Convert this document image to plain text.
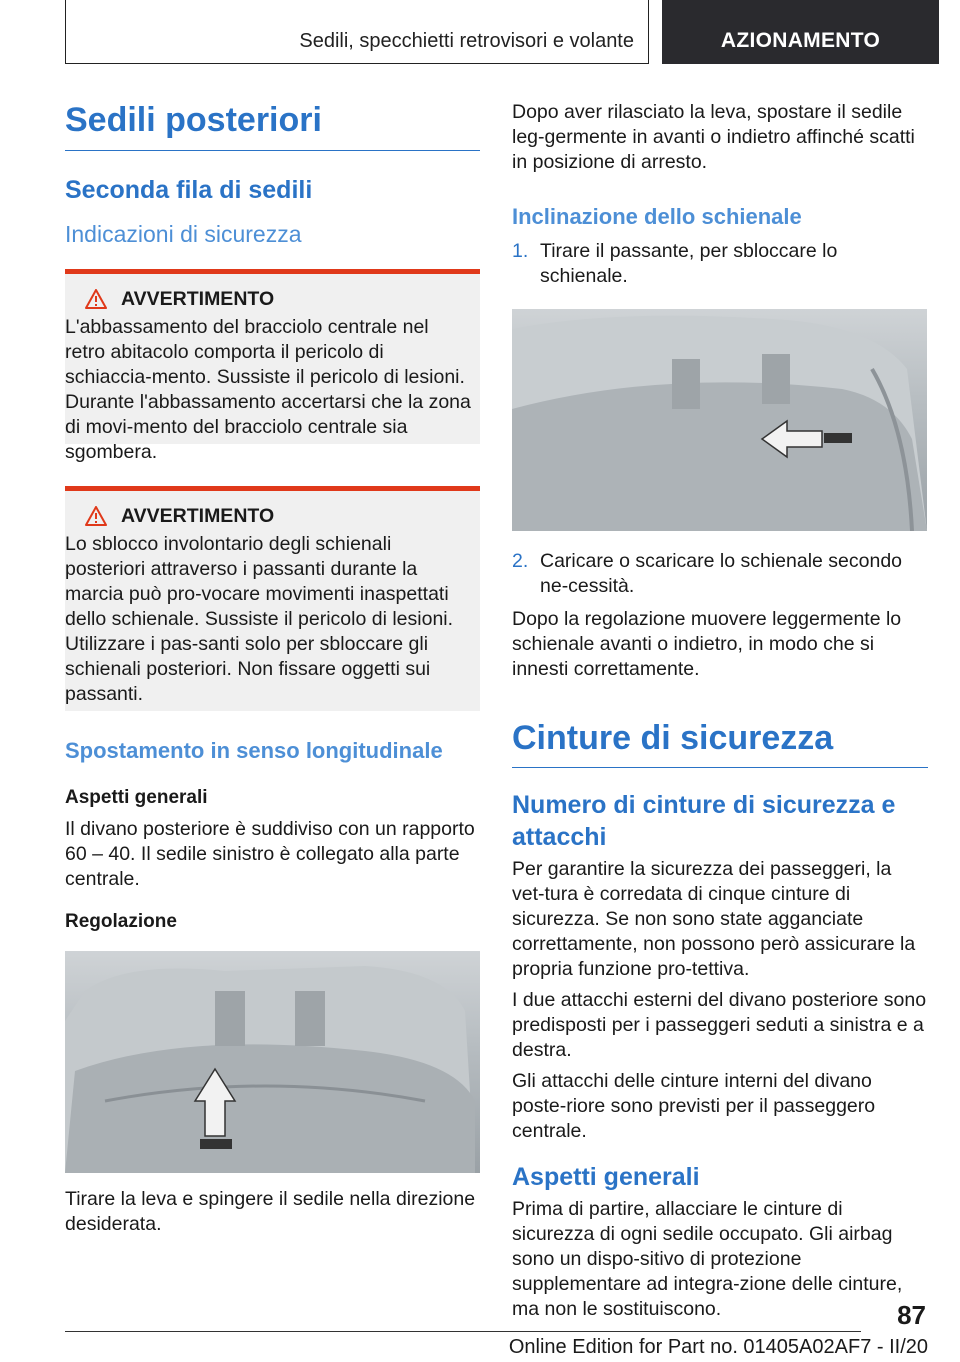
Sedili, specchietti retrovisori e volante	AZIONAMENTO
Sedili posteriori
Seconda fila di sedili
Indicazioni di sicurezza
AVVERTIMENTO

L'abbassamento del bracciolo centrale nel retro abitacolo comporta il pericolo di schiaccia-mento. Sussiste il pericolo di lesioni. Durante l'abbassamento accertarsi che la zona di movi-mento del bracciolo centrale sia sgombera.

AVVERTIMENTO

Lo sblocco involontario degli schienali posteriori attraverso i passanti durante la marcia può pro-vocare movimenti inaspettati dello schienale. Sussiste il pericolo di lesioni. Utilizzare i pas-santi solo per sbloccare gli schienali posteriori. Non fissare oggetti sui passanti.

Spostamento in senso longitudinale
Aspetti generali

Il divano posteriore è suddiviso con un rapporto 60 – 40. Il sedile sinistro è collegato alla parte centrale.

Regolazione

Tirare la leva e spingere il sedile nella direzione desiderata.

Dopo aver rilasciato la leva, spostare il sedile leg-germente in avanti o indietro affinché scatti in posizione di arresto.

Inclinazione dello schienale
1. Tirare il passante, per sbloccare lo schienale.
2. Caricare o scaricare lo schienale secondo ne-cessità.

Dopo la regolazione muovere leggermente lo schienale avanti o indietro, in modo che si innesti correttamente.

Cinture di sicurezza
Numero di cinture di sicurezza e attacchi

Per garantire la sicurezza dei passeggeri, la vet-tura è corredata di cinque cinture di sicurezza. Se non sono state agganciate correttamente, non possono però assicurare la propria funzione pro-tettiva.

I due attacchi esterni del divano posteriore sono predisposti per i passeggeri seduti a sinistra e a destra.

Gli attacchi delle cinture interni del divano poste-riore sono previsti per il passeggero centrale.

Aspetti generali

Prima di partire, allacciare le cinture di sicurezza di ogni sedile occupato. Gli airbag sono un dispo-sitivo di protezione supplementare ad integra-zione delle cinture, ma non le sostituiscono.	87
Online Edition for Part no. 01405A02AF7 - II/20
